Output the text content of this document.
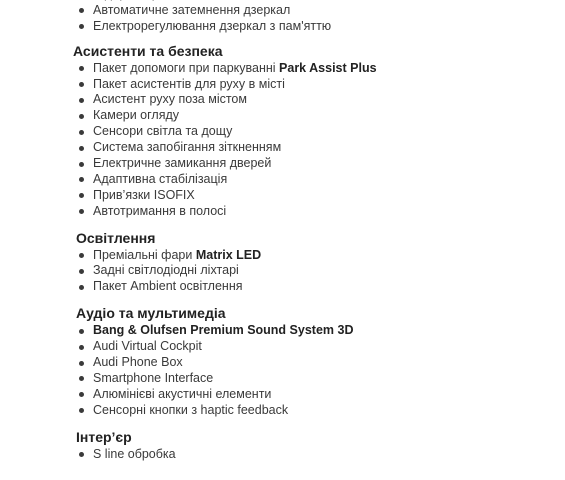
Автоматичне затемнення дзеркал
Електрорегулювання дзеркал з пам'яттю
Асистенти та безпека
Пакет допомоги при паркуванні Park Assist Plus
Пакет асистентів для руху в місті
Асистент руху поза містом
Камери огляду
Сенсори світла та дощу
Система запобігання зіткненням
Електричне замикання дверей
Адаптивна стабілізація
Прив’язки ISOFIX
Автотримання в полосі
Освітлення
Преміальні фари Matrix LED
Задні світлодіодні ліхтарі
Пакет Ambient освітлення
Аудіо та мультимедіа
Bang & Olufsen Premium Sound System 3D
Audi Virtual Cockpit
Audi Phone Box
Smartphone Interface
Алюмінієві акустичні елементи
Сенсорні кнопки з haptic feedback
Інтер’єр
S line обробка
